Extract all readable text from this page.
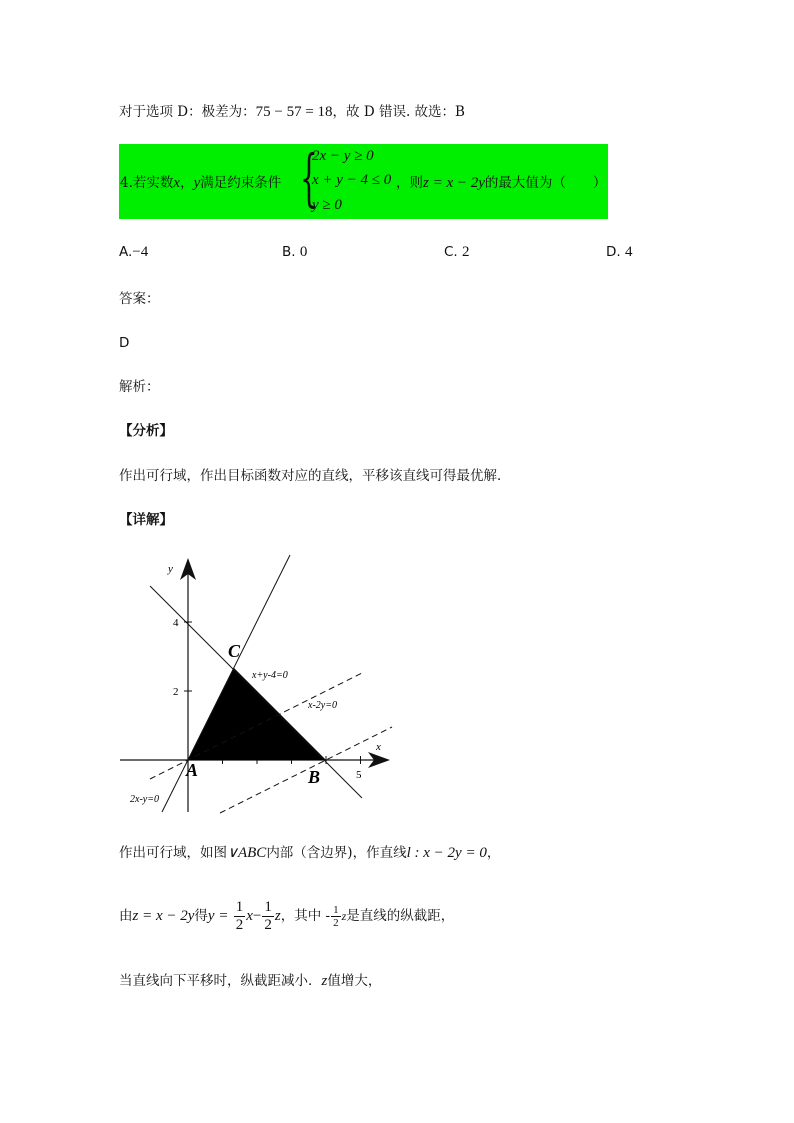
对于选项 D：极差为：75 − 57 = 18，故 D 错误. 故选：B
4.若实数x，y满足约束条件 {
2x − y ≥ 0
x + y − 4 ≤ 0
y ≥ 0
，则z = x − 2y的最大值为（　　）
A.−4	B. 0	C. 2	D. 4
答案：
D
解析：
【分析】
作出可行域，作出目标函数对应的直线，平移该直线可得最优解．
【详解】
y
x
4
2
5
A	B
C
x+y-4=0
x-2y=0
2x-y=0
作出可行域，如图∨ABC内部（含边界)，作直线l : x − 2y = 0，
由z = x − 2y得$y = \frac{1}{2} x- \frac{1}{2}$ z，其中 - $\frac{1}{2}$ z是直线的纵截距，
当直线向下平移时，纵截距减小．z值增大，
